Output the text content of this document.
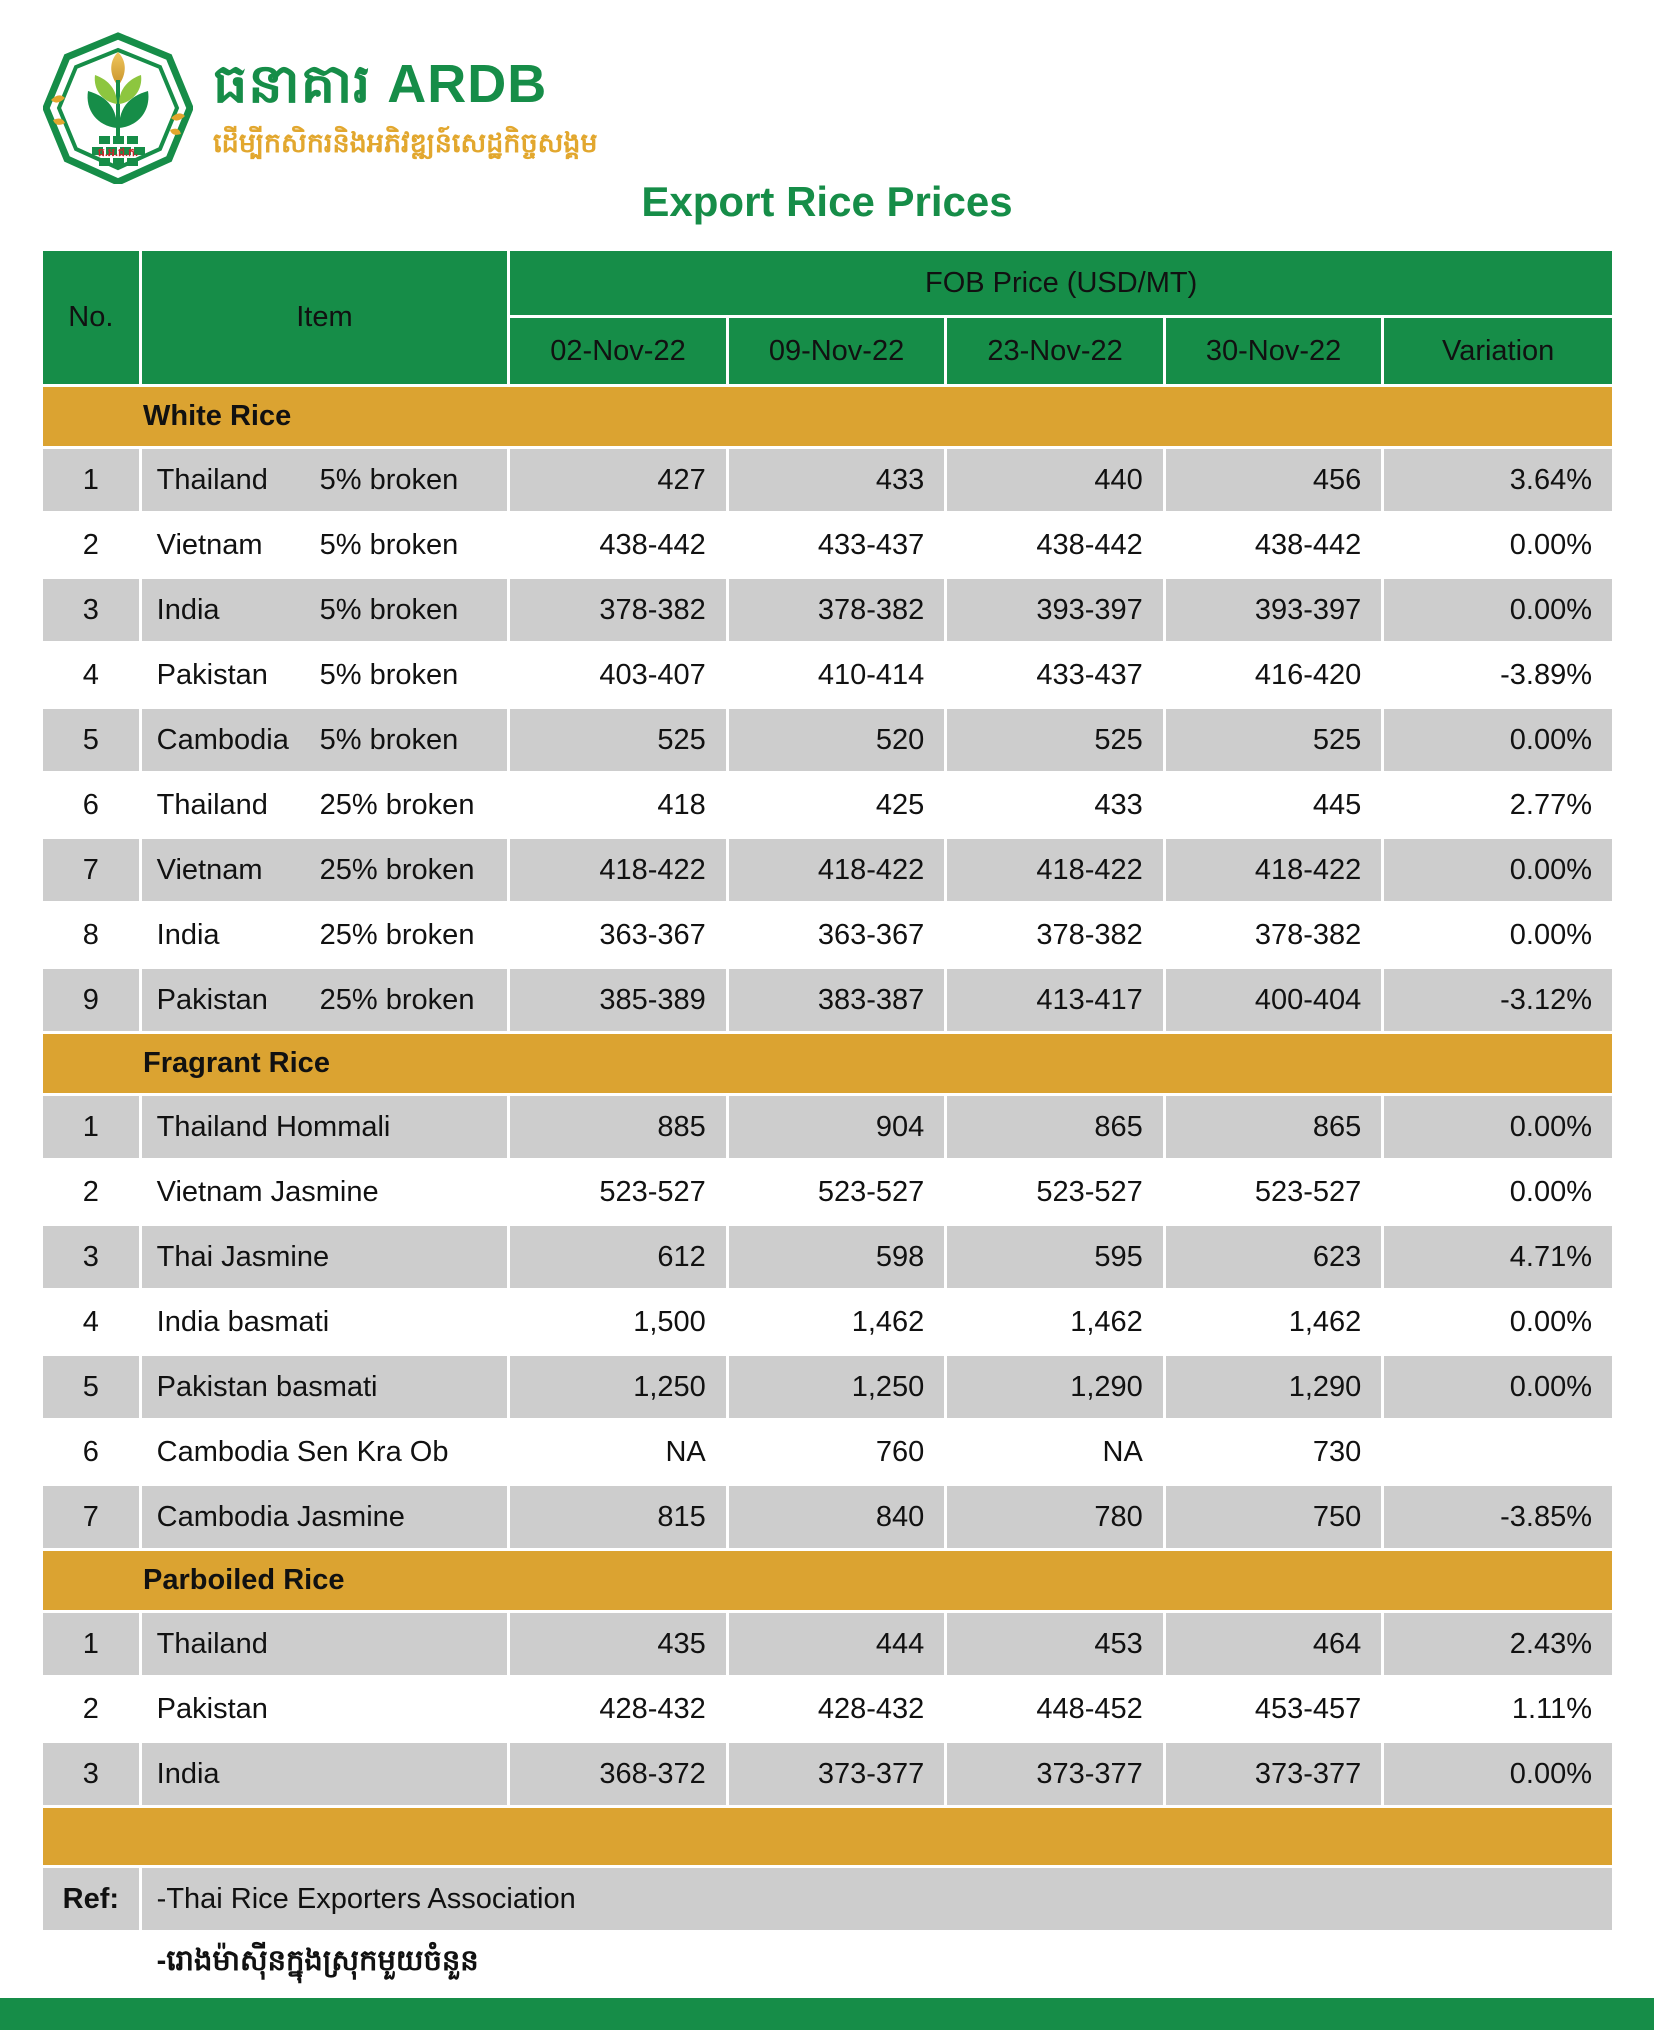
ធ.អ.ជ.ក.
ធនាគារ ARDB
ដើម្បីកសិករនិងអភិវឌ្ឍន៍សេដ្ឋកិច្ចសង្គម
Export Rice Prices
No.	Item	FOB Price (USD/MT)				
		02-Nov-22	09-Nov-22	23-Nov-22	30-Nov-22	Variation
White Rice						
1	Thailand 5% broken	427	433	440	456	3.64%
2	Vietnam 5% broken	438-442	433-437	438-442	438-442	0.00%
3	India 5% broken	378-382	378-382	393-397	393-397	0.00%
4	Pakistan 5% broken	403-407	410-414	433-437	416-420	-3.89%
5	Cambodia 5% broken	525	520	525	525	0.00%
6	Thailand 25% broken	418	425	433	445	2.77%
7	Vietnam 25% broken	418-422	418-422	418-422	418-422	0.00%
8	India 25% broken	363-367	363-367	378-382	378-382	0.00%
9	Pakistan 25% broken	385-389	383-387	413-417	400-404	-3.12%
Fragrant Rice						
1	Thailand Hommali	885	904	865	865	0.00%
2	Vietnam Jasmine	523-527	523-527	523-527	523-527	0.00%
3	Thai Jasmine	612	598	595	623	4.71%
4	India basmati	1,500	1,462	1,462	1,462	0.00%
5	Pakistan basmati	1,250	1,250	1,290	1,290	0.00%
6	Cambodia Sen Kra Ob	NA	760	NA	730	
7	Cambodia Jasmine	815	840	780	750	-3.85%
Parboiled Rice						
1	Thailand	435	444	453	464	2.43%
2	Pakistan	428-432	428-432	448-452	453-457	1.11%
3	India	368-372	373-377	373-377	373-377	0.00%

Ref:	-Thai Rice Exporters Association					
	-រោងម៉ាស៊ីនក្នុងស្រុកមួយចំនួន					
